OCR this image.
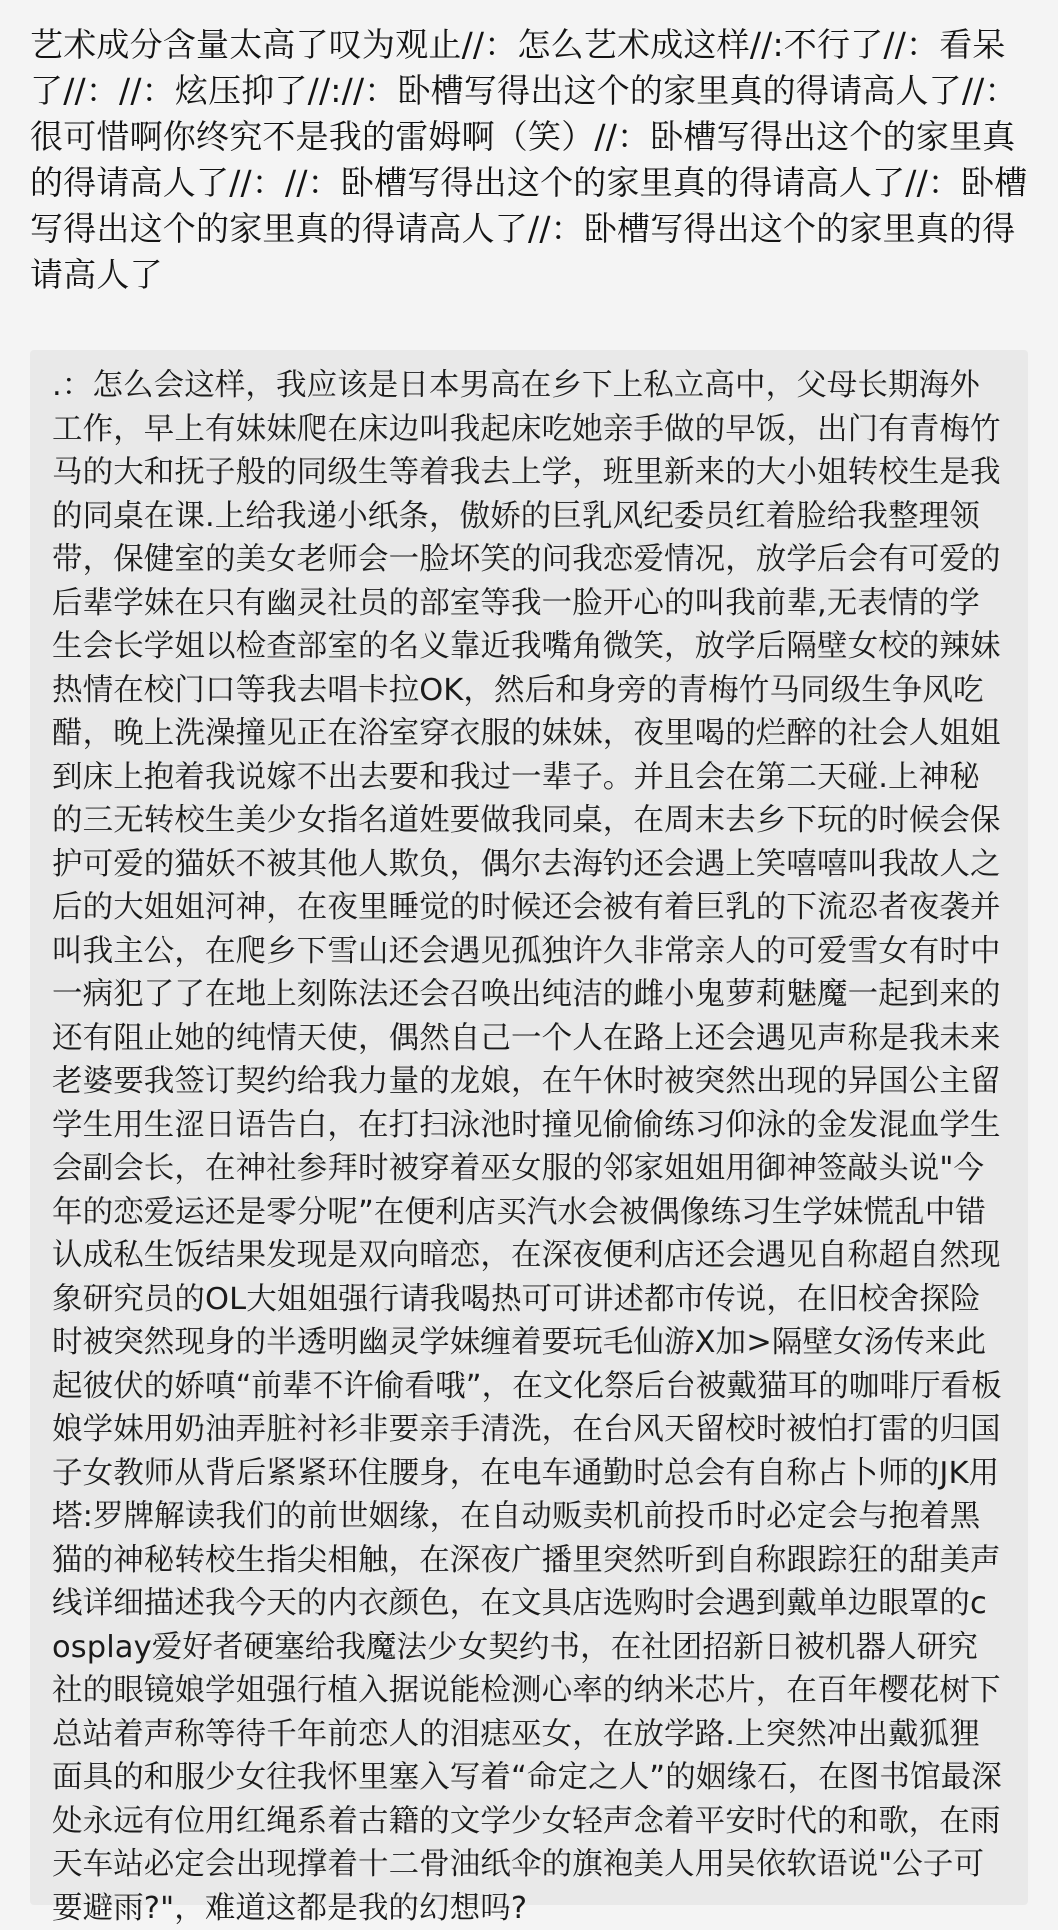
艺术成分含量太高了叹为观止//：怎么艺术成这样//:不行了//：看呆了//：//：炫压抑了//://：卧槽写得出这个的家里真的得请高人了//：很可惜啊你终究不是我的雷姆啊（笑）//：卧槽写得出这个的家里真的得请高人了//：//：卧槽写得出这个的家里真的得请高人了//：卧槽写得出这个的家里真的得请高人了//：卧槽写得出这个的家里真的得请高人了
.：怎么会这样，我应该是日本男高在乡下上私立高中，父母长期海外工作，早上有妹妹爬在床边叫我起床吃她亲手做的早饭，出门有青梅竹马的大和抚子般的同级生等着我去上学，班里新来的大小姐转校生是我的同桌在课.上给我递小纸条，傲娇的巨乳风纪委员红着脸给我整理领带，保健室的美女老师会一脸坏笑的问我恋爱情况，放学后会有可爱的后辈学妹在只有幽灵社员的部室等我一脸开心的叫我前辈,无表情的学生会长学姐以检查部室的名义靠近我嘴角微笑，放学后隔壁女校的辣妹热情在校门口等我去唱卡拉OK，然后和身旁的青梅竹马同级生争风吃醋，晚上洗澡撞见正在浴室穿衣服的妹妹，夜里喝的烂醉的社会人姐姐到床上抱着我说嫁不出去要和我过一辈子。并且会在第二天碰.上神秘的三无转校生美少女指名道姓要做我同桌，在周末去乡下玩的时候会保护可爱的猫妖不被其他人欺负，偶尔去海钓还会遇上笑嘻嘻叫我故人之后的大姐姐河神，在夜里睡觉的时候还会被有着巨乳的下流忍者夜袭并叫我主公，在爬乡下雪山还会遇见孤独许久非常亲人的可爱雪女有时中一病犯了了在地上刻陈法还会召唤出纯洁的雌小鬼萝莉魅魔一起到来的还有阻止她的纯情天使，偶然自己一个人在路上还会遇见声称是我未来老婆要我签订契约给我力量的龙娘，在午休时被突然出现的异国公主留学生用生涩日语告白，在打扫泳池时撞见偷偷练习仰泳的金发混血学生会副会长，在神社参拜时被穿着巫女服的邻家姐姐用御神签敲头说"今年的恋爱运还是零分呢”在便利店买汽水会被偶像练习生学妹慌乱中错认成私生饭结果发现是双向暗恋，在深夜便利店还会遇见自称超自然现象研究员的OL大姐姐强行请我喝热可可讲述都市传说，在旧校舍探险时被突然现身的半透明幽灵学妹缠着要玩毛仙游X加>隔壁女汤传来此起彼伏的娇嗔“前辈不许偷看哦”，在文化祭后台被戴猫耳的咖啡厅看板娘学妹用奶油弄脏衬衫非要亲手清洗，在台风天留校时被怕打雷的归国子女教师从背后紧紧环住腰身，在电车通勤时总会有自称占卜师的JK用塔:罗牌解读我们的前世姻缘，在自动贩卖机前投币时必定会与抱着黑猫的神秘转校生指尖相触，在深夜广播里突然听到自称跟踪狂的甜美声线详细描述我今天的内衣颜色，在文具店选购时会遇到戴单边眼罩的cosplay爱好者硬塞给我魔法少女契约书，在社团招新日被机器人研究社的眼镜娘学姐强行植入据说能检测心率的纳米芯片，在百年樱花树下总站着声称等待千年前恋人的泪痣巫女，在放学路.上突然冲出戴狐狸面具的和服少女往我怀里塞入写着“命定之人”的姻缘石，在图书馆最深处永远有位用红绳系着古籍的文学少女轻声念着平安时代的和歌，在雨天车站必定会出现撑着十二骨油纸伞的旗袍美人用吴依软语说"公子可要避雨?"，难道这都是我的幻想吗?
